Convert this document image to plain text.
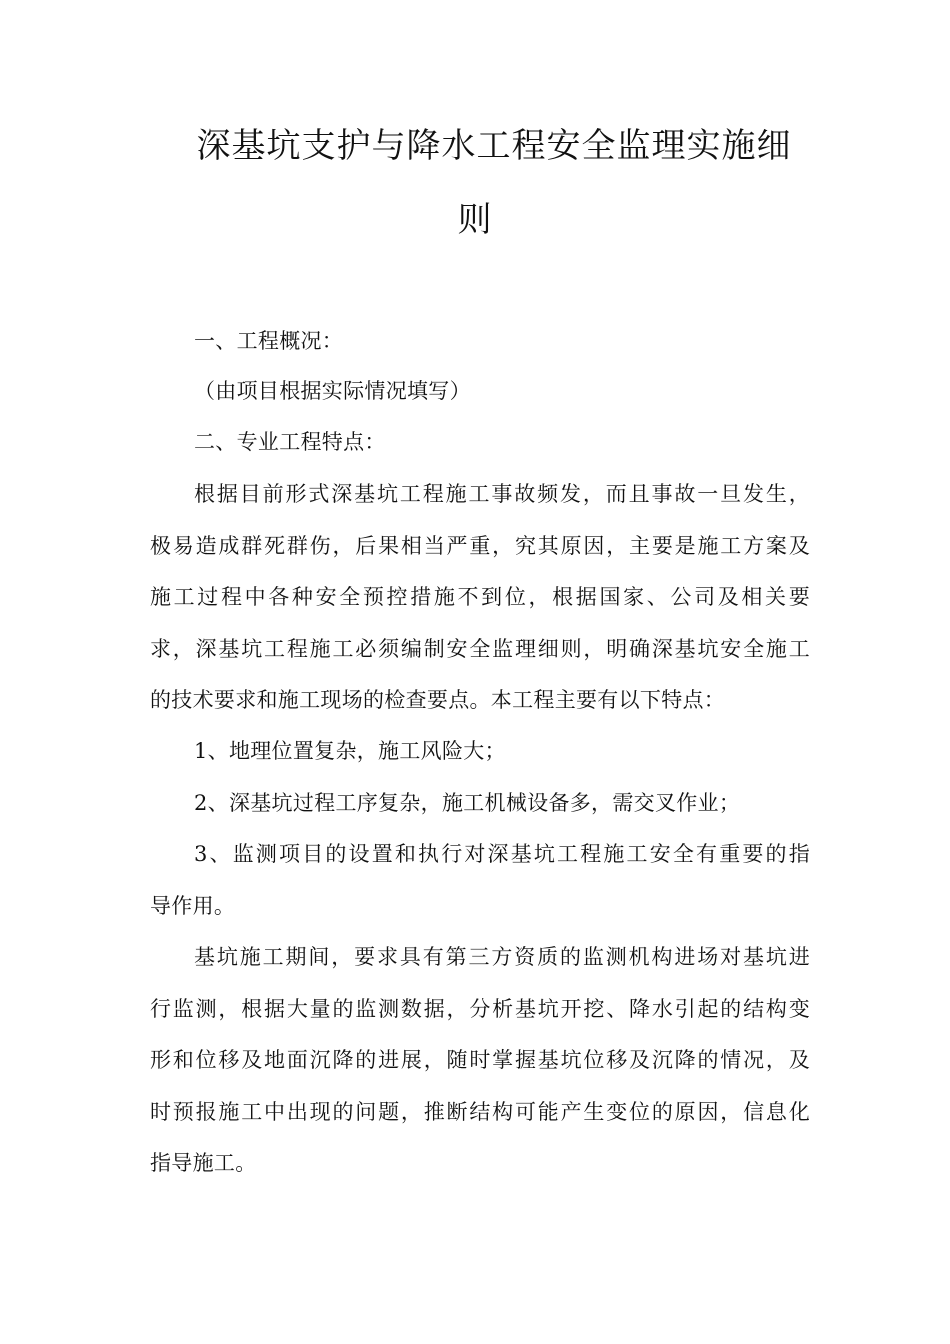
深基坑支护与降水工程安全监理实施细
则
一、工程概况：
（由项目根据实际情况填写）
二、专业工程特点：
根据目前形式深基坑工程施工事故频发，而且事故一旦发生，
极易造成群死群伤，后果相当严重，究其原因，主要是施工方案及
施工过程中各种安全预控措施不到位，根据国家、公司及相关要
求，深基坑工程施工必须编制安全监理细则，明确深基坑安全施工
的技术要求和施工现场的检查要点。本工程主要有以下特点：
1、地理位置复杂，施工风险大；
2、深基坑过程工序复杂，施工机械设备多，需交叉作业；
3、监测项目的设置和执行对深基坑工程施工安全有重要的指
导作用。
基坑施工期间，要求具有第三方资质的监测机构进场对基坑进
行监测，根据大量的监测数据，分析基坑开挖、降水引起的结构变
形和位移及地面沉降的进展，随时掌握基坑位移及沉降的情况，及
时预报施工中出现的问题，推断结构可能产生变位的原因，信息化
指导施工。
